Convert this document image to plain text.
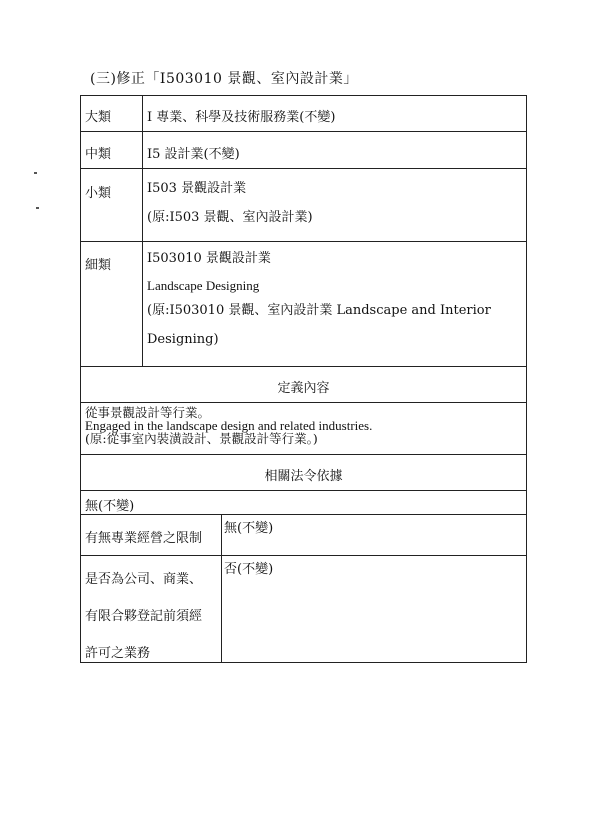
(三)修正「I503010 景觀、室內設計業」
大類	I 專業、科學及技術服務業(不變)	
中類	I5 設計業(不變)	
小類	I503 景觀設計業
(原:I503 景觀、室內設計業)	

細類	I503010 景觀設計業
Landscape Designing
(原:I503010 景觀、室內設計業 Landscape and Interior
Designing)	

定義內容		

從事景觀設計等行業。
Engaged in the landscape design and related industries.
(原:從事室內裝潢設計、景觀設計等行業。)		

相關法令依據		
無(不變)		
有無專業經營之限制		無(不變)

是否為公司、商業、
有限合夥登記前須經
許可之業務		否(不變)
